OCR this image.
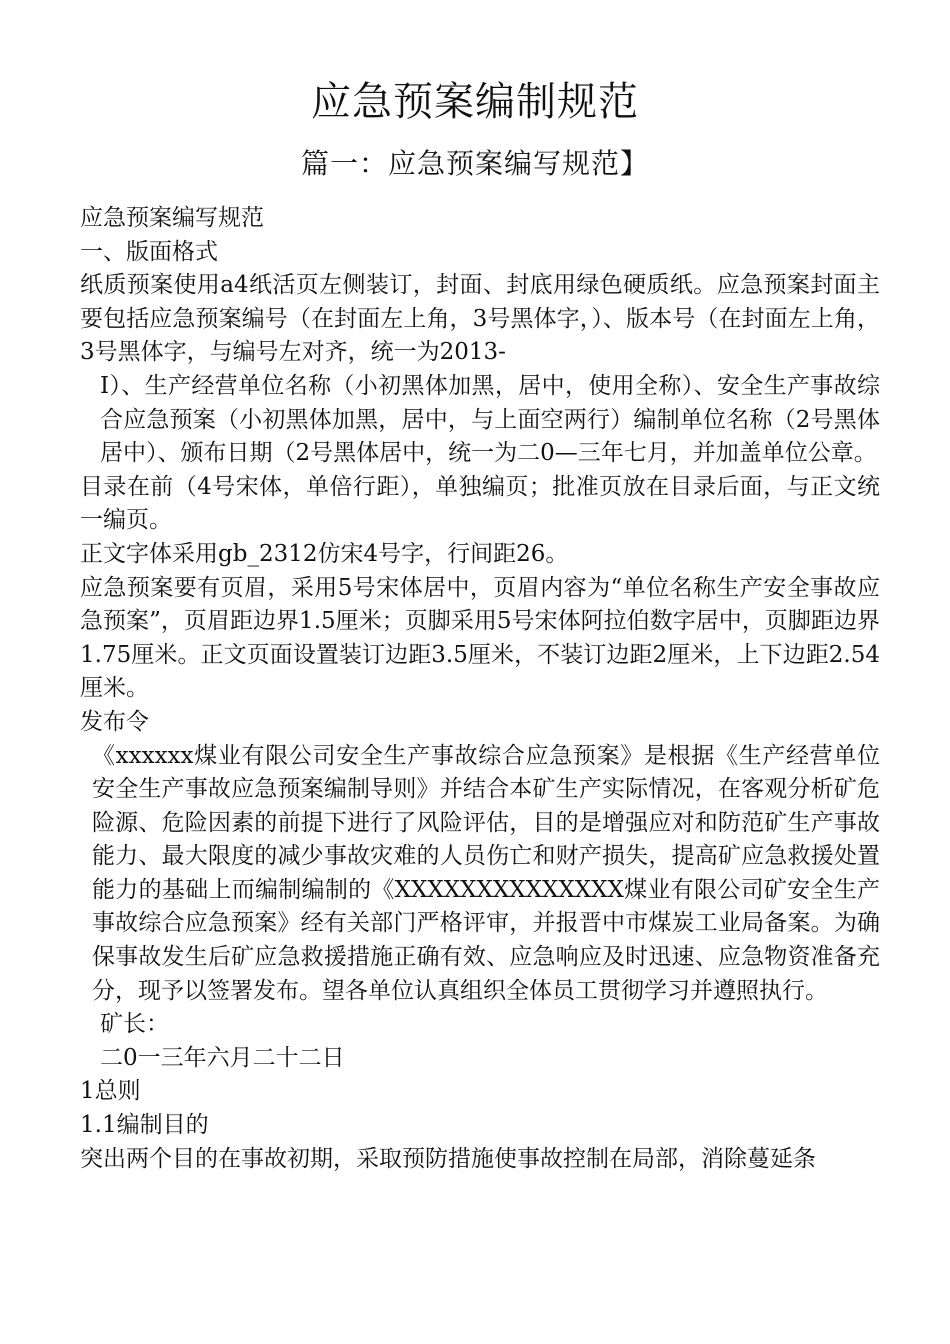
应急预案编制规范
篇一：应急预案编写规范】

应急预案编写规范

一、版面格式

纸质预案使用a4纸活页左侧装订，封面、封底用绿色硬质纸。应急预案封面主要包括应急预案编号（在封面左上角，3号黑体字，）、版本号（在封面左上角，3号黑体字，与编号左对齐，统一为2013-

Ⅰ）、生产经营单位名称（小初黑体加黑，居中，使用全称）、安全生产事故综合应急预案（小初黑体加黑，居中，与上面空两行）编制单位名称（2号黑体居中）、颁布日期（2号黑体居中，统一为二0—三年七月，并加盖单位公章。

目录在前（4号宋体，单倍行距），单独编页；批准页放在目录后面，与正文统一编页。

正文字体采用gb_2312仿宋4号字，行间距26。

应急预案要有页眉，采用5号宋体居中，页眉内容为“单位名称生产安全事故应急预案”，页眉距边界1.5厘米；页脚采用5号宋体阿拉伯数字居中，页脚距边界1.75厘米。正文页面设置装订边距3.5厘米，不装订边距2厘米，上下边距2.54厘米。

发布令

《xxxxxx煤业有限公司安全生产事故综合应急预案》是根据《生产经营单位安全生产事故应急预案编制导则》并结合本矿生产实际情况，在客观分析矿危险源、危险因素的前提下进行了风险评估，目的是增强应对和防范矿生产事故能力、最大限度的减少事故灾难的人员伤亡和财产损失，提高矿应急救援处置能力的基础上而编制编制的《XXXXXXXXXXXXXX煤业有限公司矿安全生产事故综合应急预案》经有关部门严格评审，并报晋中市煤炭工业局备案。为确保事故发生后矿应急救援措施正确有效、应急响应及时迅速、应急物资准备充分，现予以签署发布。望各单位认真组织全体员工贯彻学习并遵照执行。

矿长：

二0一三年六月二十二日

1总则

1.1编制目的

突出两个目的在事故初期，采取预防措施使事故控制在局部，消除蔓延条
